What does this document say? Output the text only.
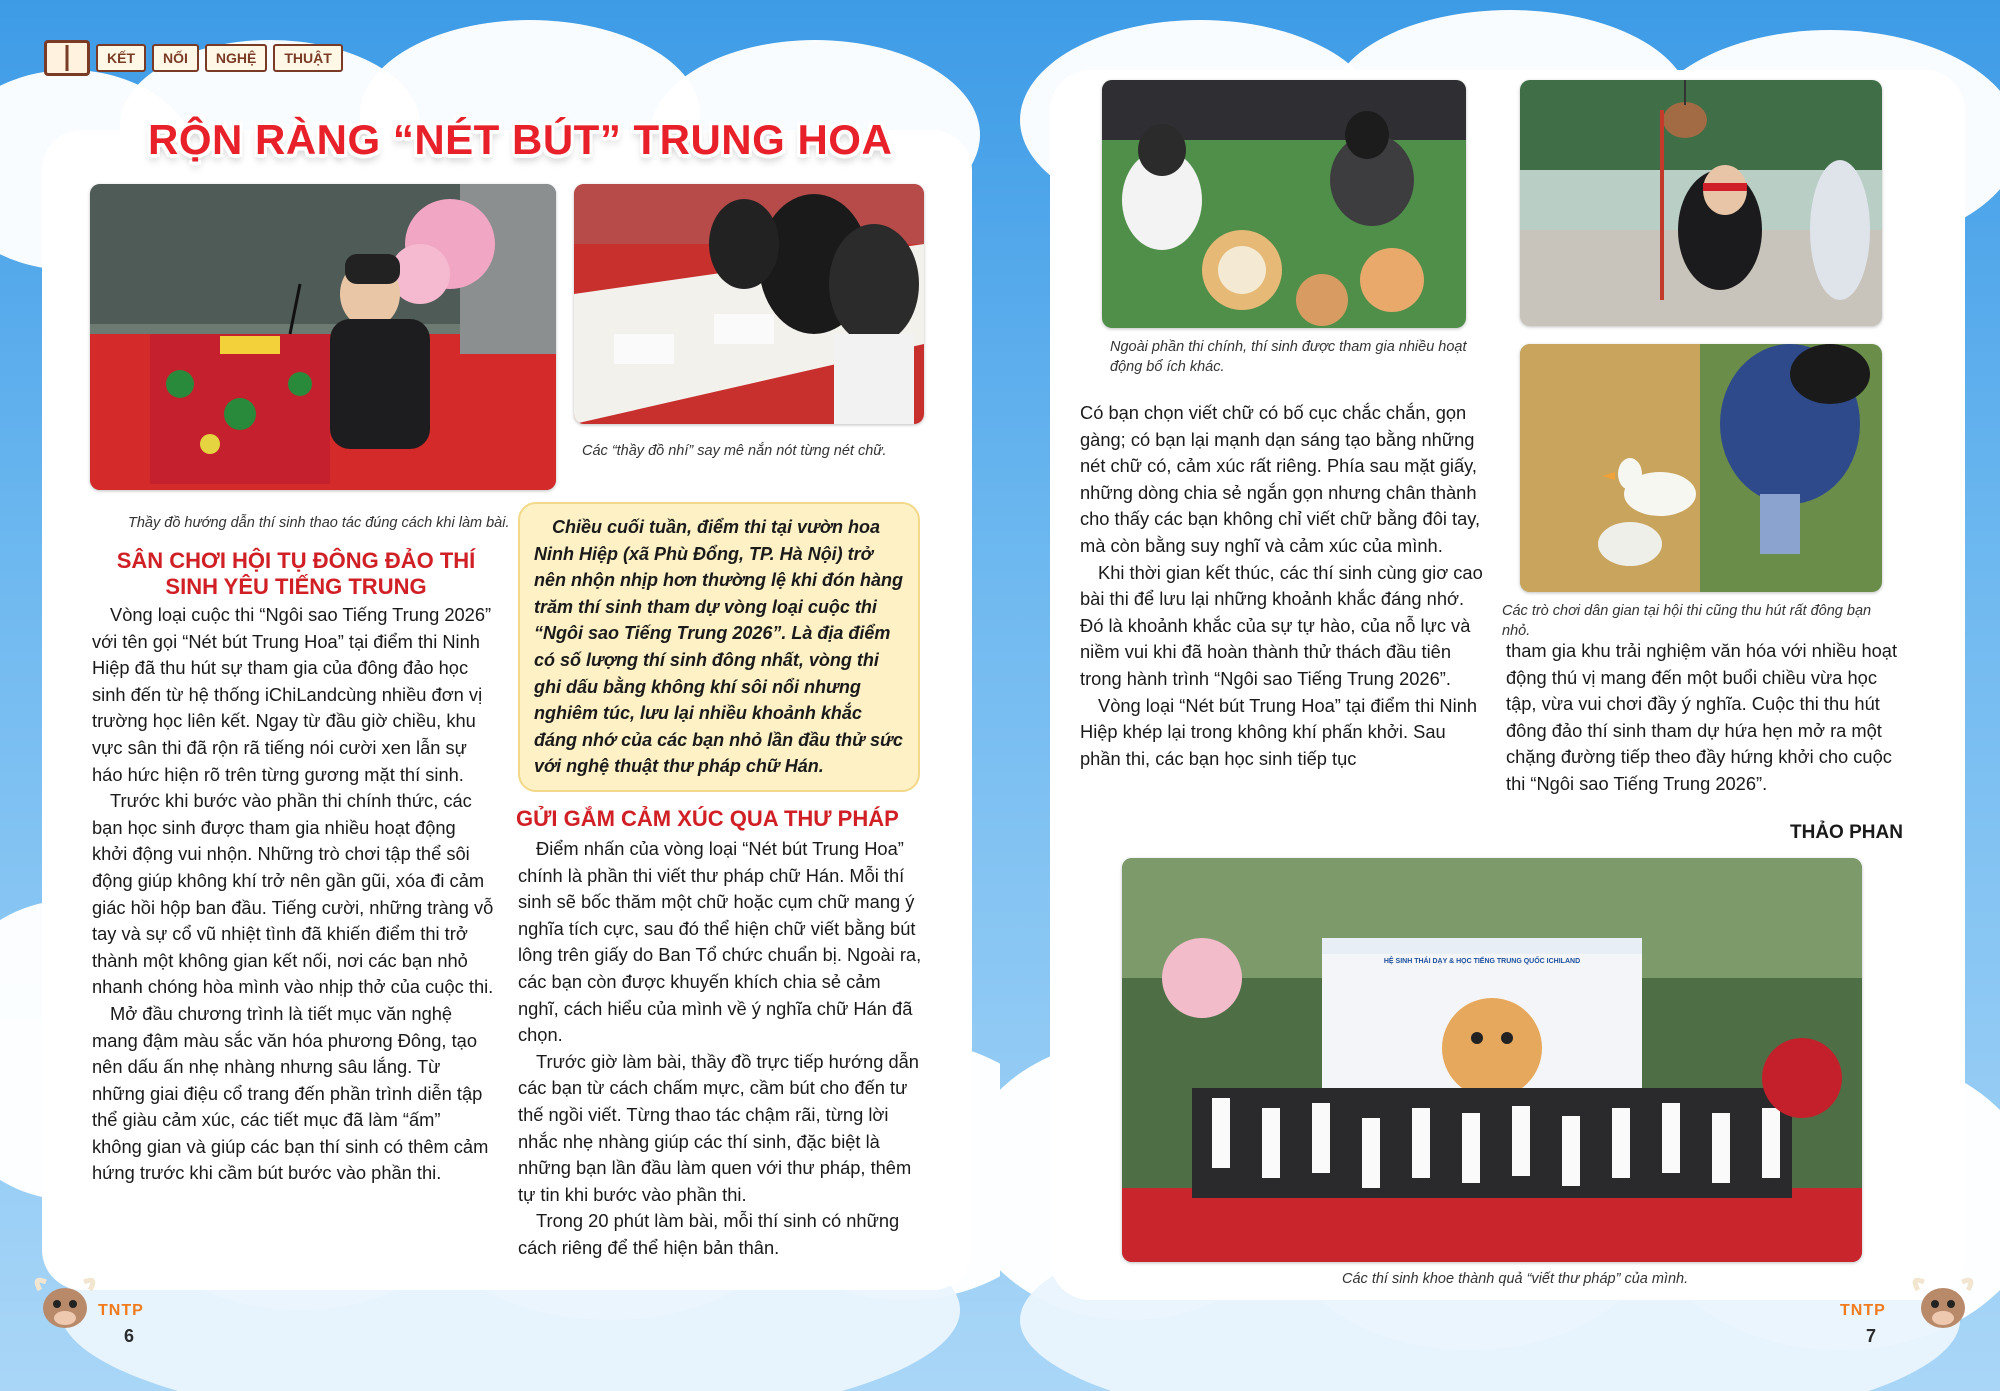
KẾT	NỐI	NGHỆ	THUẬT
RỘN RÀNG “NÉT BÚT” TRUNG HOA
Thầy đồ hướng dẫn thí sinh thao tác đúng cách khi làm bài.
Các “thầy đồ nhí” say mê nắn nót từng nét chữ.
SÂN CHƠI HỘI TỤ ĐÔNG ĐẢO THÍ
SINH YÊU TIẾNG TRUNG

Vòng loại cuộc thi “Ngôi sao Tiếng Trung 2026” với tên gọi “Nét bút Trung Hoa” tại điểm thi Ninh Hiệp đã thu hút sự tham gia của đông đảo học sinh đến từ hệ thống iChiLandcùng nhiều đơn vị trường học liên kết. Ngay từ đầu giờ chiều, khu vực sân thi đã rộn rã tiếng nói cười xen lẫn sự háo hức hiện rõ trên từng gương mặt thí sinh.

Trước khi bước vào phần thi chính thức, các bạn học sinh được tham gia nhiều hoạt động khởi động vui nhộn. Những trò chơi tập thể sôi động giúp không khí trở nên gần gũi, xóa đi cảm giác hồi hộp ban đầu. Tiếng cười, những tràng vỗ tay và sự cổ vũ nhiệt tình đã khiến điểm thi trở thành một không gian kết nối, nơi các bạn nhỏ nhanh chóng hòa mình vào nhịp thở của cuộc thi.

Mở đầu chương trình là tiết mục văn nghệ mang đậm màu sắc văn hóa phương Đông, tạo nên dấu ấn nhẹ nhàng nhưng sâu lắng. Từ những giai điệu cổ trang đến phần trình diễn tập thể giàu cảm xúc, các tiết mục đã làm “ấm” không gian và giúp các bạn thí sinh có thêm cảm hứng trước khi cầm bút bước vào phần thi.

Chiều cuối tuần, điểm thi tại vườn hoa Ninh Hiệp (xã Phù Đổng, TP. Hà Nội) trở nên nhộn nhịp hơn thường lệ khi đón hàng trăm thí sinh tham dự vòng loại cuộc thi “Ngôi sao Tiếng Trung 2026”. Là địa điểm có số lượng thí sinh đông nhất, vòng thi ghi dấu bằng không khí sôi nổi nhưng nghiêm túc, lưu lại nhiều khoảnh khắc đáng nhớ của các bạn nhỏ lần đầu thử sức với nghệ thuật thư pháp chữ Hán.

GỬI GẮM CẢM XÚC QUA THƯ PHÁP

Điểm nhấn của vòng loại “Nét bút Trung Hoa” chính là phần thi viết thư pháp chữ Hán. Mỗi thí sinh sẽ bốc thăm một chữ hoặc cụm chữ mang ý nghĩa tích cực, sau đó thể hiện chữ viết bằng bút lông trên giấy do Ban Tổ chức chuẩn bị. Ngoài ra, các bạn còn được khuyến khích chia sẻ cảm nghĩ, cách hiểu của mình về ý nghĩa chữ Hán đã chọn.

Trước giờ làm bài, thầy đồ trực tiếp hướng dẫn các bạn từ cách chấm mực, cầm bút cho đến tư thế ngồi viết. Từng thao tác chậm rãi, từng lời nhắc nhẹ nhàng giúp các thí sinh, đặc biệt là những bạn lần đầu làm quen với thư pháp, thêm tự tin khi bước vào phần thi.

Trong 20 phút làm bài, mỗi thí sinh có những cách riêng để thể hiện bản thân.

TNTP
6
Ngoài phần thi chính, thí sinh được tham gia nhiều hoạt động bổ ích khác.
Các trò chơi dân gian tại hội thi cũng thu hút rất đông bạn nhỏ.

Có bạn chọn viết chữ có bố cục chắc chắn, gọn gàng; có bạn lại mạnh dạn sáng tạo bằng những nét chữ có, cảm xúc rất riêng. Phía sau mặt giấy, những dòng chia sẻ ngắn gọn nhưng chân thành cho thấy các bạn không chỉ viết chữ bằng đôi tay, mà còn bằng suy nghĩ và cảm xúc của mình.

Khi thời gian kết thúc, các thí sinh cùng giơ cao bài thi để lưu lại những khoảnh khắc đáng nhớ. Đó là khoảnh khắc của sự tự hào, của nỗ lực và niềm vui khi đã hoàn thành thử thách đầu tiên trong hành trình “Ngôi sao Tiếng Trung 2026”.

Vòng loại “Nét bút Trung Hoa” tại điểm thi Ninh Hiệp khép lại trong không khí phấn khởi. Sau phần thi, các bạn học sinh tiếp tục

tham gia khu trải nghiệm văn hóa với nhiều hoạt động thú vị mang đến một buổi chiều vừa học tập, vừa vui chơi đầy ý nghĩa. Cuộc thi thu hút đông đảo thí sinh tham dự hứa hẹn mở ra một chặng đường tiếp theo đầy hứng khởi cho cuộc thi “Ngôi sao Tiếng Trung 2026”.

THẢO PHAN
HỆ SINH THÁI DẠY & HỌC TIẾNG TRUNG QUỐC ICHILAND
Các thí sinh khoe thành quả “viết thư pháp” của mình.
TNTP
7
